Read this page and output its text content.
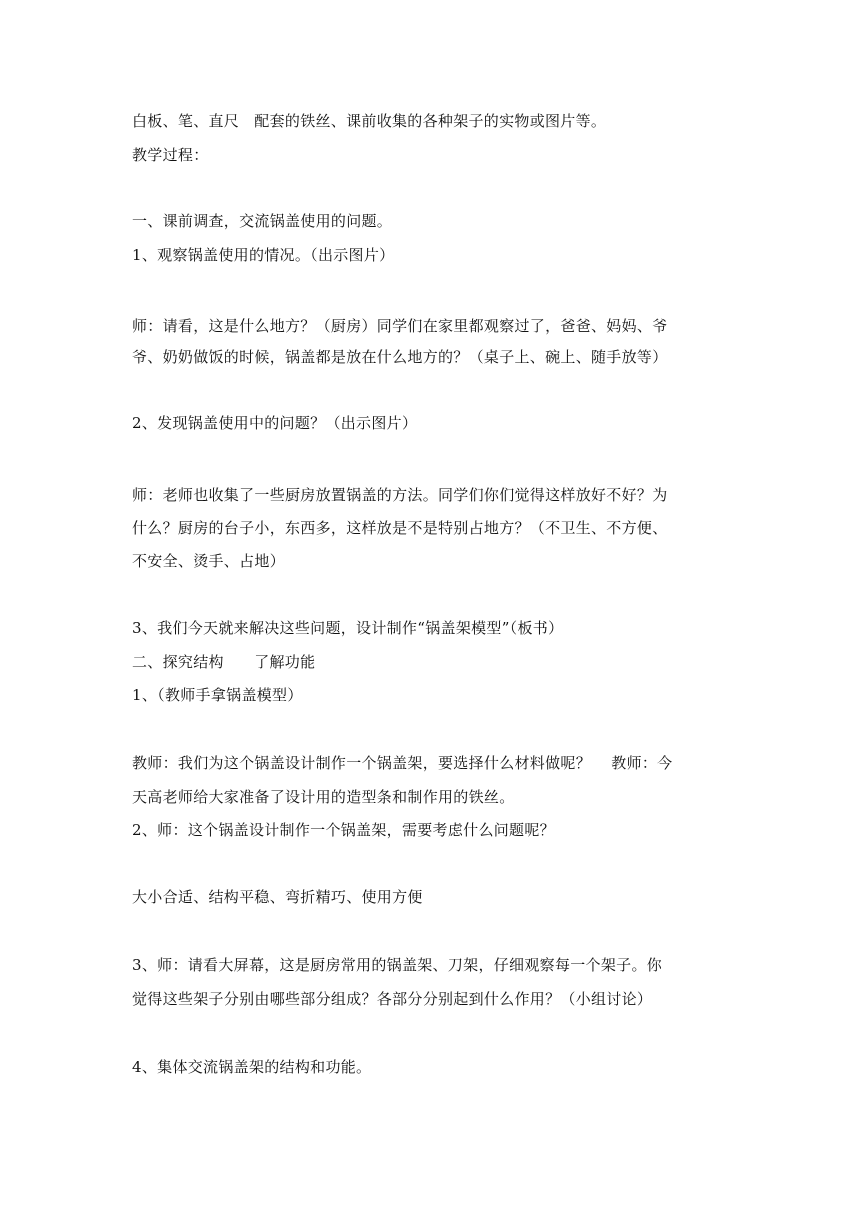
白板、笔、直尺   配套的铁丝、课前收集的各种架子的实物或图片等。
教学过程：
一、课前调查，交流锅盖使用的问题。
1、观察锅盖使用的情况。（出示图片）
师：请看，这是什么地方？（厨房）同学们在家里都观察过了，爸爸、妈妈、爷
爷、奶奶做饭的时候，锅盖都是放在什么地方的？（桌子上、碗上、随手放等）
2、发现锅盖使用中的问题？（出示图片）
师：老师也收集了一些厨房放置锅盖的方法。同学们你们觉得这样放好不好？为
什么？厨房的台子小，东西多，这样放是不是特别占地方？（不卫生、不方便、
不安全、烫手、占地）
3、我们今天就来解决这些问题，设计制作“锅盖架模型”（板书）
二、探究结构      了解功能
1、（教师手拿锅盖模型）
教师：我们为这个锅盖设计制作一个锅盖架，要选择什么材料做呢？    教师：今
天高老师给大家准备了设计用的造型条和制作用的铁丝。
2、师：这个锅盖设计制作一个锅盖架，需要考虑什么问题呢？
大小合适、结构平稳、弯折精巧、使用方便
3、师：请看大屏幕，这是厨房常用的锅盖架、刀架，仔细观察每一个架子。你
觉得这些架子分别由哪些部分组成？各部分分别起到什么作用？（小组讨论）
4、集体交流锅盖架的结构和功能。
